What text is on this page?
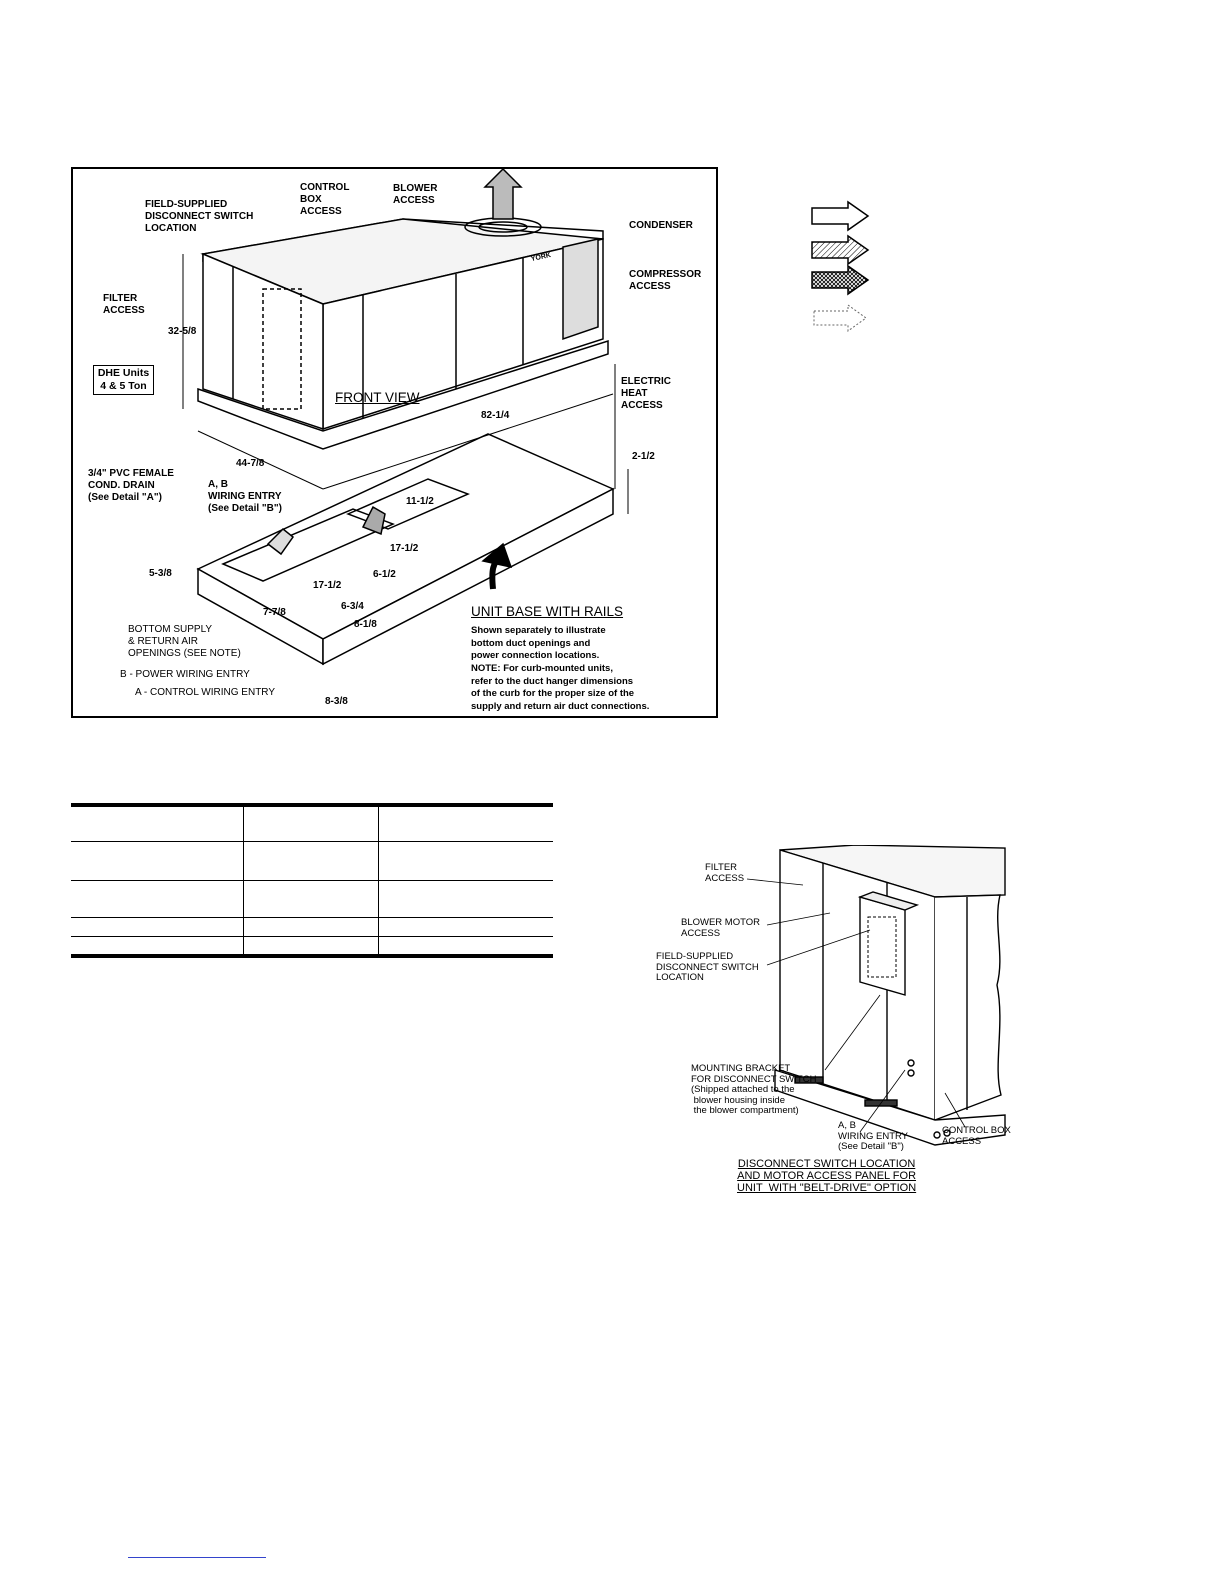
FIELD-SUPPLIED
DISCONNECT SWITCH
LOCATION
CONTROL
BOX
ACCESS
BLOWER
ACCESS
CONDENSER
COMPRESSOR
ACCESS
FILTER
ACCESS
32-5/8
DHE Units 4 & 5 Ton
FRONT VIEW
ELECTRIC
HEAT
ACCESS
82-1/4
44-7/8
3/4" PVC FEMALE
COND. DRAIN
(See Detail "A")
A, B
WIRING ENTRY
(See Detail "B")
2-1/2
11-1/2
17-1/2
17-1/2
5-3/8	6-1/2
7-7/8
6-3/4
8-1/8
8-3/8
BOTTOM SUPPLY
& RETURN AIR
OPENINGS (SEE NOTE)
B - POWER WIRING ENTRY
A - CONTROL WIRING ENTRY
UNIT BASE WITH RAILS
Shown separately to illustrate
bottom duct openings and
power connection locations.
NOTE: For curb-mounted units,
refer to the duct hanger dimensions
of the curb for the proper size of the
supply and return air duct connections.
YORK

FILTER
ACCESS
BLOWER MOTOR
ACCESS
FIELD-SUPPLIED
DISCONNECT SWITCH
LOCATION
MOUNTING BRACKET
FOR DISCONNECT SWITCH
(Shipped attached to the
blower housing inside
the blower compartment)
A, B
WIRING ENTRY
(See Detail "B")
CONTROL BOX
ACCESS
DISCONNECT SWITCH LOCATION
AND MOTOR ACCESS PANEL FOR
UNIT  WITH "BELT-DRIVE" OPTION
